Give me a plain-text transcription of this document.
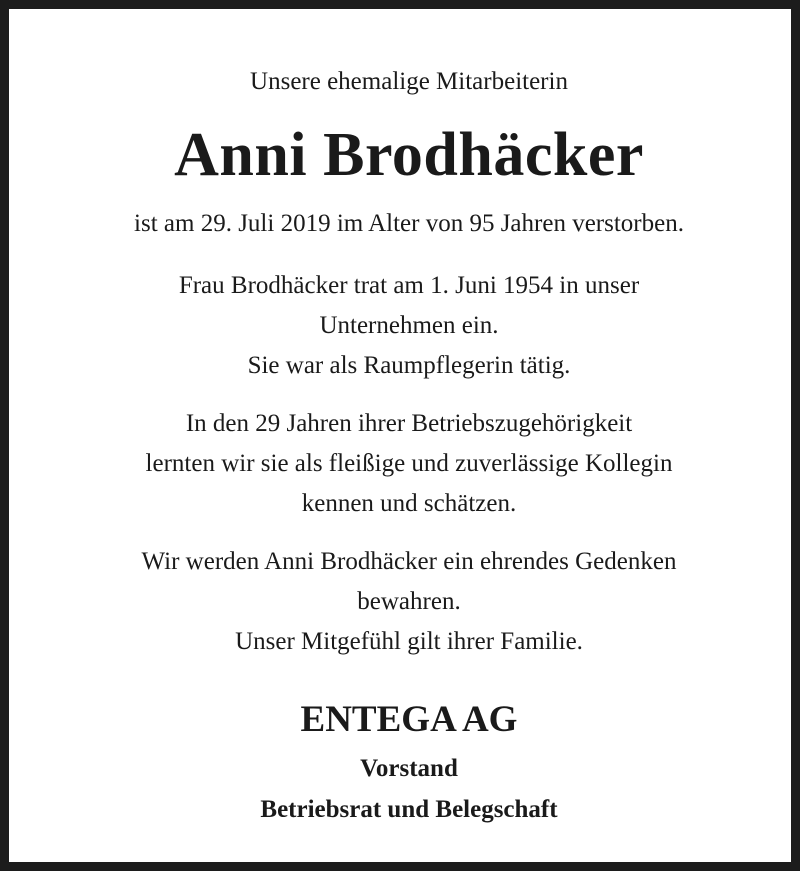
Unsere ehemalige Mitarbeiterin
Anni Brodhäcker
ist am 29. Juli 2019 im Alter von 95 Jahren verstorben.
Frau Brodhäcker trat am 1. Juni 1954 in unser
Unternehmen ein.
Sie war als Raumpflegerin tätig.
In den 29 Jahren ihrer Betriebszugehörigkeit
lernten wir sie als fleißige und zuverlässige Kollegin
kennen und schätzen.
Wir werden Anni Brodhäcker ein ehrendes Gedenken
bewahren.
Unser Mitgefühl gilt ihrer Familie.
ENTEGA AG
Vorstand
Betriebsrat und Belegschaft
